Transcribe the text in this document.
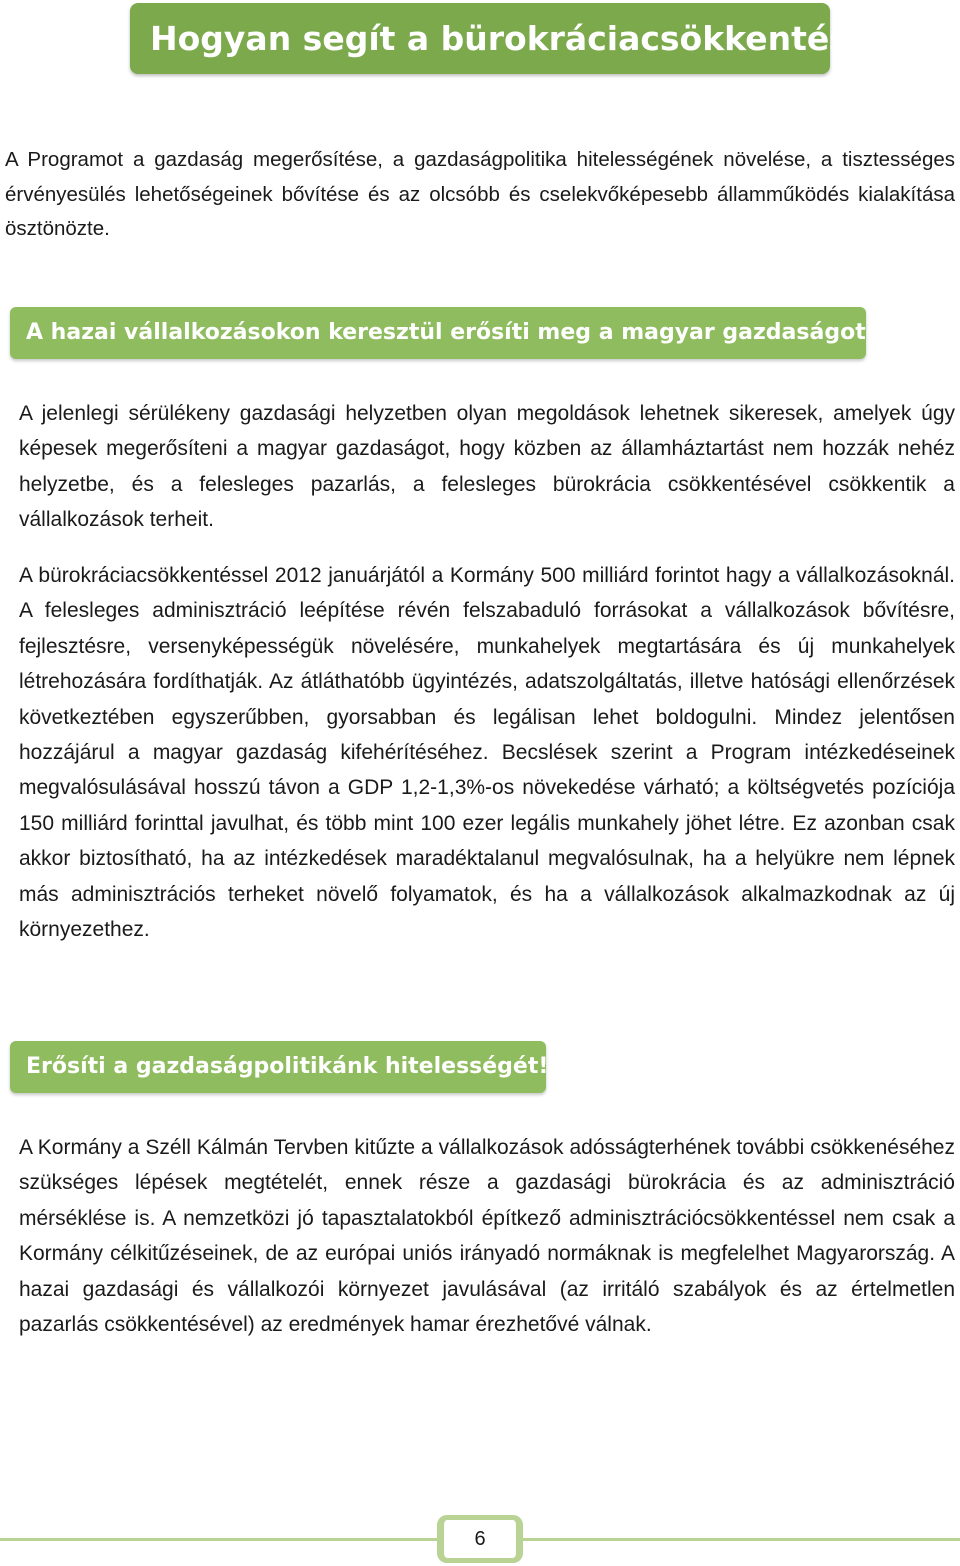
Hogyan segít a bürokráciacsökkentés?

A Programot a gazdaság megerősítése, a gazdaságpolitika hitelességének növelése, a tisztességes érvényesülés lehetőségeinek bővítése és az olcsóbb és cselekvőképesebb államműködés kialakítása ösztönözte.

A hazai vállalkozásokon keresztül erősíti meg a magyar gazdaságot!

A jelenlegi sérülékeny gazdasági helyzetben olyan megoldások lehetnek sikeresek, amelyek úgy képesek megerősíteni a magyar gazdaságot, hogy közben az államháztartást nem hozzák nehéz helyzetbe, és a felesleges pazarlás, a felesleges bürokrácia csökkentésével csökkentik a vállalkozások terheit.

A bürokráciacsökkentéssel 2012 januárjától a Kormány 500 milliárd forintot hagy a vállalkozásoknál. A felesleges adminisztráció leépítése révén felszabaduló forrásokat a vállalkozások bővítésre, fejlesztésre, versenyképességük növelésére, munkahelyek megtartására és új munkahelyek létrehozására fordíthatják. Az átláthatóbb ügyintézés, adatszolgáltatás, illetve hatósági ellenőrzések következtében egyszerűbben, gyorsabban és legálisan lehet boldogulni. Mindez jelentősen hozzájárul a magyar gazdaság kifehérítéséhez. Becslések szerint a Program intézkedéseinek megvalósulásával hosszú távon a GDP 1,2-1,3%-os növekedése várható; a költségvetés pozíciója 150 milliárd forinttal javulhat, és több mint 100 ezer legális munkahely jöhet létre. Ez azonban csak akkor biztosítható, ha az intézkedések maradéktalanul megvalósulnak, ha a helyükre nem lépnek más adminisztrációs terheket növelő folyamatok, és ha a vállalkozások alkalmazkodnak az új környezethez.

Erősíti a gazdaságpolitikánk hitelességét!

A Kormány a Széll Kálmán Tervben kitűzte a vállalkozások adósságterhének további csökkenéséhez szükséges lépések megtételét, ennek része a gazdasági bürokrácia és az adminisztráció mérséklése is. A nemzetközi jó tapasztalatokból építkező adminisztrációcsökkentéssel nem csak a Kormány célkitűzéseinek, de az európai uniós irányadó normáknak is megfelelhet Magyarország. A hazai gazdasági és vállalkozói környezet javulásával (az irritáló szabályok és az értelmetlen pazarlás csökkentésével) az eredmények hamar érezhetővé válnak.

6
